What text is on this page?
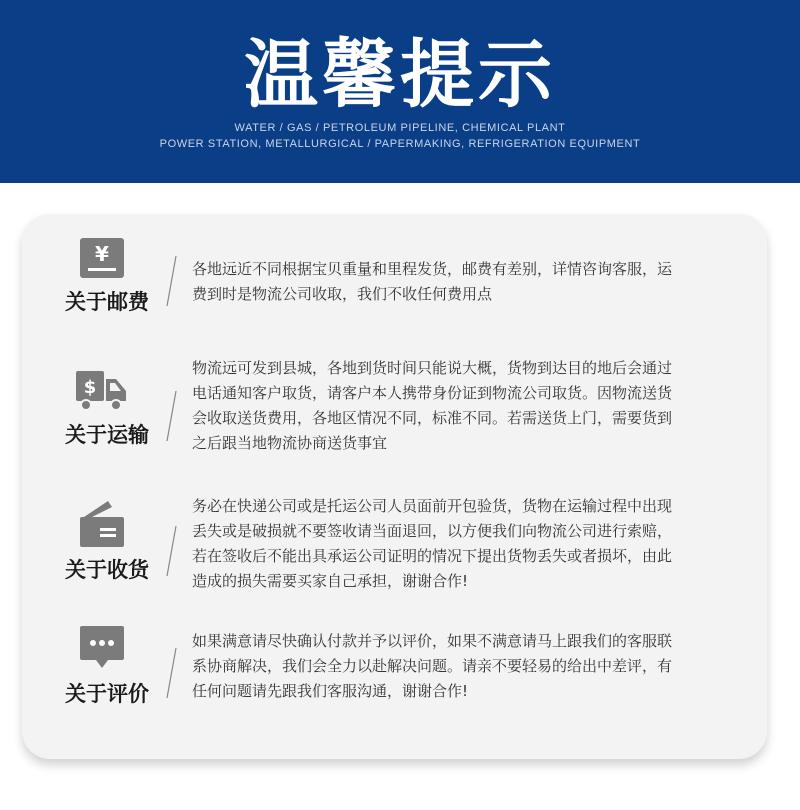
温馨提示
WATER / GAS / PETROLEUM PIPELINE, CHEMICAL PLANT
POWER STATION, METALLURGICAL / PAPERMAKING, REFRIGERATION EQUIPMENT
¥
关于邮费
各地远近不同根据宝贝重量和里程发货，邮费有差别，详情咨询客服，运
费到时是物流公司收取，我们不收任何费用点
$
关于运输
物流远可发到县城，各地到货时间只能说大概，货物到达目的地后会通过
电话通知客户取货，请客户本人携带身份证到物流公司取货。因物流送货
会收取送货费用，各地区情况不同，标准不同。若需送货上门，需要货到
之后跟当地物流协商送货事宜
关于收货
务必在快递公司或是托运公司人员面前开包验货，货物在运输过程中出现
丢失或是破损就不要签收请当面退回，以方便我们向物流公司进行索赔，
若在签收后不能出具承运公司证明的情况下提出货物丢失或者损坏，由此
造成的损失需要买家自己承担，谢谢合作!
关于评价
如果满意请尽快确认付款并予以评价，如果不满意请马上跟我们的客服联
系协商解决，我们会全力以赴解决问题。请亲不要轻易的给出中差评，有
任何问题请先跟我们客服沟通，谢谢合作!
